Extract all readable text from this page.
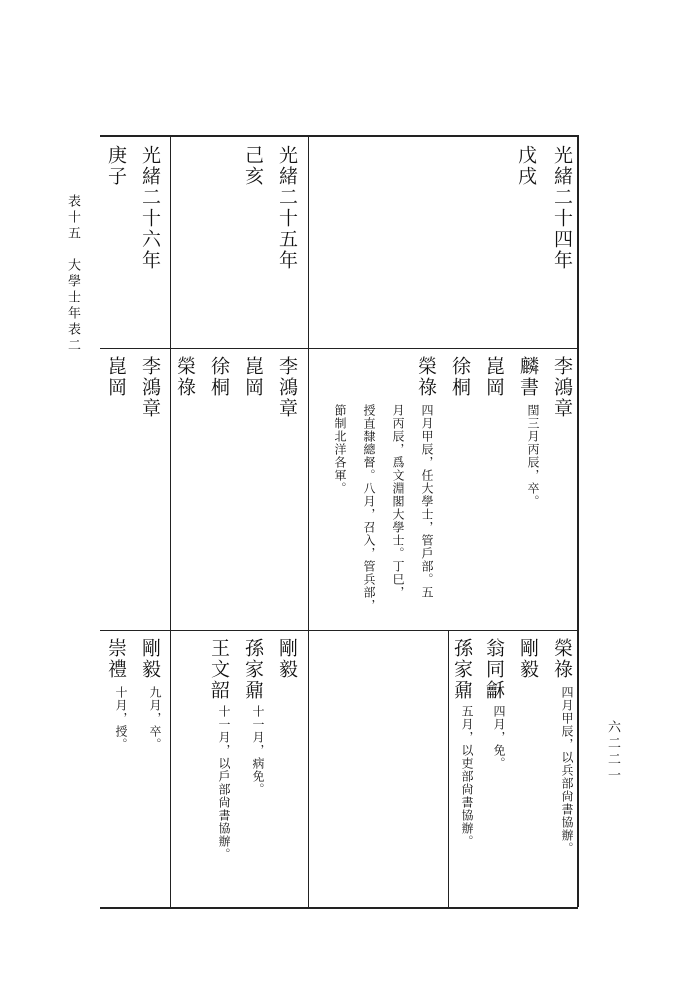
表十五　大學士年表二
六二二一
光緒二十四年
戊戌
光緒二十五年
己亥
光緒二十六年
庚子
李鴻章
麟書
閏三月丙辰，卒。
崑岡
徐桐
榮祿
四月甲辰，任大學士，管戶部。五
月丙辰，爲文淵閣大學士。丁巳，
授直隸總督。八月，召入，管兵部，
節制北洋各軍。
李鴻章
崑岡
徐桐
榮祿
李鴻章
崑岡
榮祿
四月甲辰，以兵部尙書協辦。
剛毅
翁同龢
四月，免。
孫家鼐
五月，以吏部尙書協辦。
剛毅
孫家鼐
十一月，病免。
王文韶
十一月，以戶部尙書協辦。
剛毅
九月，卒。
崇禮
十月，授。
